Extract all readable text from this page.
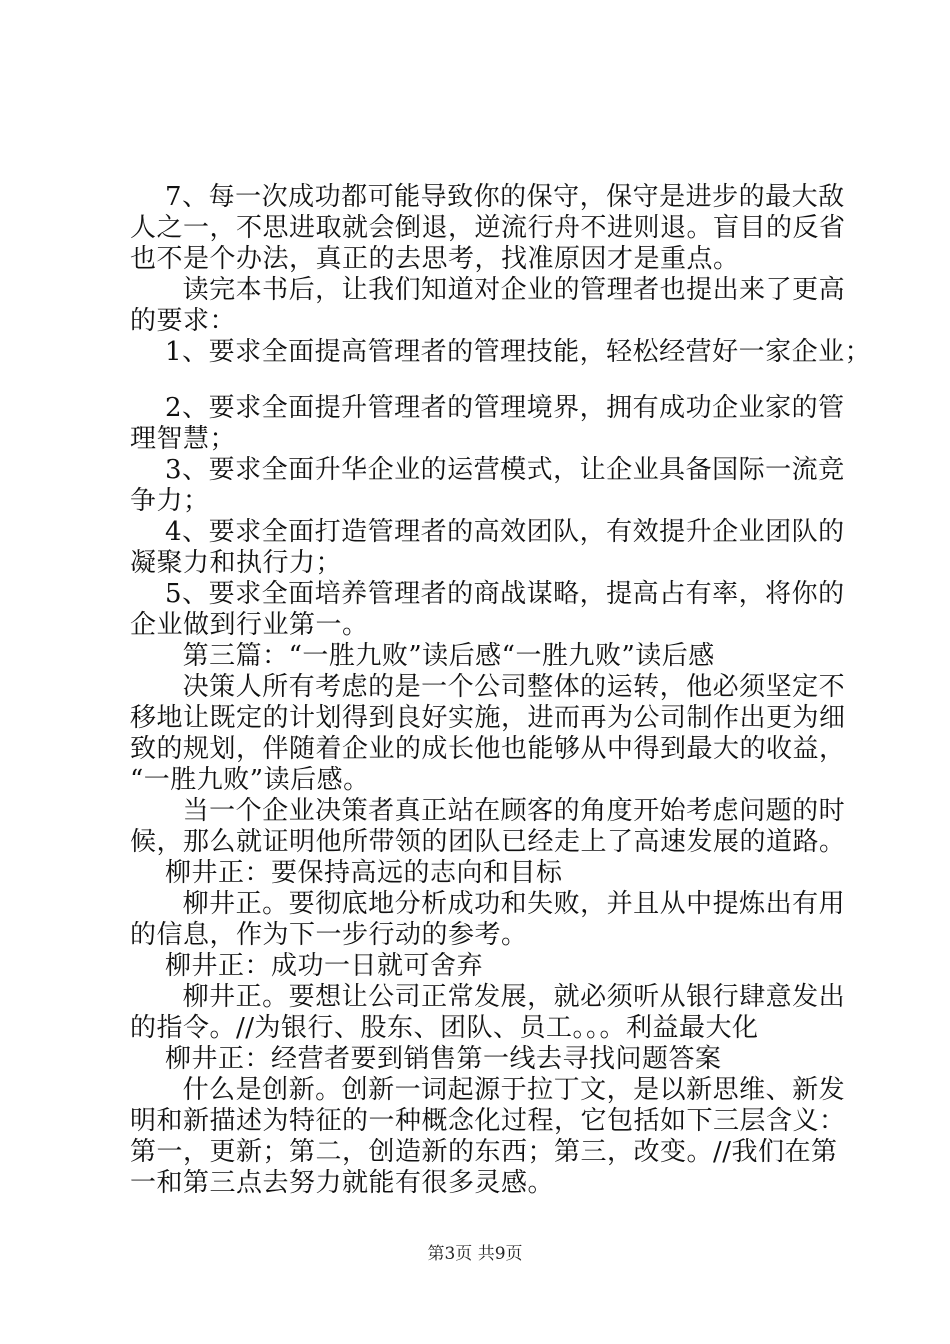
7、每一次成功都可能导致你的保守，保守是进步的最大敌
人之一，不思进取就会倒退，逆流行舟不进则退。盲目的反省
也不是个办法，真正的去思考，找准原因才是重点。
读完本书后，让我们知道对企业的管理者也提出来了更高
的要求：
1、要求全面提高管理者的管理技能，轻松经营好一家企业；
2、要求全面提升管理者的管理境界，拥有成功企业家的管
理智慧；
3、要求全面升华企业的运营模式，让企业具备国际一流竞
争力；
4、要求全面打造管理者的高效团队，有效提升企业团队的
凝聚力和执行力；
5、要求全面培养管理者的商战谋略，提高占有率，将你的
企业做到行业第一。
第三篇：“一胜九败”读后感“一胜九败”读后感
决策人所有考虑的是一个公司整体的运转，他必须坚定不
移地让既定的计划得到良好实施，进而再为公司制作出更为细
致的规划，伴随着企业的成长他也能够从中得到最大的收益，
“一胜九败”读后感。
当一个企业决策者真正站在顾客的角度开始考虑问题的时
候，那么就证明他所带领的团队已经走上了高速发展的道路。
柳井正：要保持高远的志向和目标
柳井正。要彻底地分析成功和失败，并且从中提炼出有用
的信息，作为下一步行动的参考。
柳井正：成功一日就可舍弃
柳井正。要想让公司正常发展，就必须听从银行肆意发出
的指令。//为银行、股东、团队、员工。。。利益最大化
柳井正：经营者要到销售第一线去寻找问题答案
什么是创新。创新一词起源于拉丁文，是以新思维、新发
明和新描述为特征的一种概念化过程，它包括如下三层含义：
第一，更新；第二，创造新的东西；第三，改变。//我们在第
一和第三点去努力就能有很多灵感。
第3页 共9页
